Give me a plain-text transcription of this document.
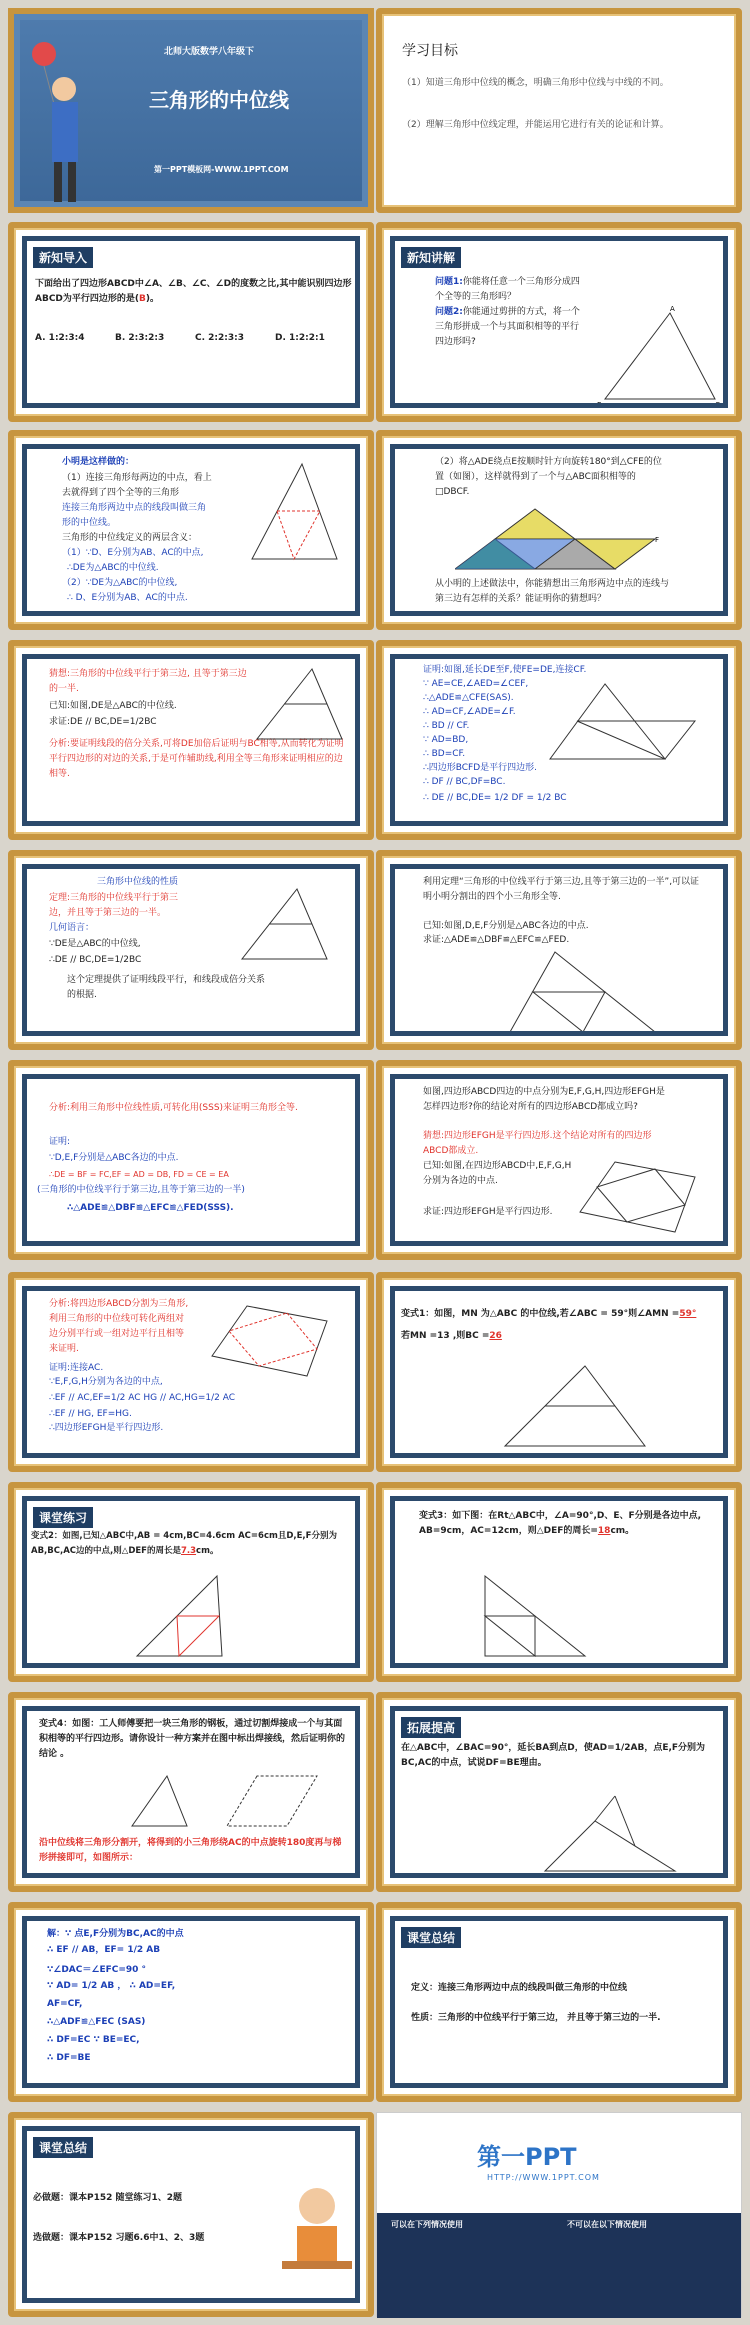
北师大版数学八年级下
三角形的中位线
第一PPT模板网-WWW.1PPT.COM
学习目标
（1）知道三角形中位线的概念，明确三角形中位线与中线的不同。
（2）理解三角形中位线定理，并能运用它进行有关的论证和计算。
新知导入
下面给出了四边形ABCD中∠A、∠B、∠C、∠D的度数之比,其中能识别四边形ABCD为平行四边形的是(B)。
A. 1:2:3:4	B. 2:3:2:3	C. 2:2:3:3	D. 1:2:2:1
新知讲解
问题1:你能将任意一个三角形分成四个全等的三角形吗？
问题2:你能通过剪拼的方式，将一个三角形拼成一个与其面积相等的平行四边形吗?
A
B	C
小明是这样做的：
（1）连接三角形每两边的中点，看上去就得到了四个全等的三角形
连接三角形两边中点的线段叫做三角形的中位线。
三角形的中位线定义的两层含义：
（1）∵D、E分别为AB、AC的中点,
∴DE为△ABC的中位线.
（2）∵DE为△ABC的中位线,
∴ D、E分别为AB、AC的中点.
（2）将△ADE绕点E按顺时针方向旋转180°到△CFE的位置（如图），这样就得到了一个与△ABC面积相等的□DBCF.
F
从小明的上述做法中，你能猜想出三角形两边中点的连线与第三边有怎样的关系？能证明你的猜想吗？
猜想:三角形的中位线平行于第三边, 且等于第三边的一半.
已知:如图,DE是△ABC的中位线.
求证:DE // BC,DE=1/2BC
分析:要证明线段的倍分关系,可将DE加倍后证明与BC相等,从而转化为证明平行四边形的对边的关系,于是可作辅助线,利用全等三角形来证明相应的边相等.
证明:如图,延长DE至F,使FE=DE,连接CF.
∵ AE=CE,∠AED=∠CEF,
∴△ADE≌△CFE(SAS).
∴ AD=CF,∠ADE=∠F.
∴ BD // CF.
∵ AD=BD,
∴ BD=CF.
∴四边形BCFD是平行四边形.
∴ DF // BC,DF=BC.
∴ DE // BC,DE= 1/2 DF = 1/2 BC
三角形中位线的性质
定理:三角形的中位线平行于第三边，并且等于第三边的一半。
几何语言：
∵DE是△ABC的中位线,
∴DE // BC,DE=1/2BC
这个定理提供了证明线段平行，和线段成倍分关系的根据.
利用定理“三角形的中位线平行于第三边,且等于第三边的一半”,可以证明小明分割出的四个小三角形全等.
已知:如图,D,E,F分别是△ABC各边的中点.
求证:△ADE≌△DBF≌△EFC≌△FED.
分析:利用三角形中位线性质,可转化用(SSS)来证明三角形全等.
证明:
∵D,E,F分别是△ABC各边的中点.
∴DE = BF = FC,EF = AD = DB, FD = CE = EA
(三角形的中位线平行于第三边,且等于第三边的一半)
∴△ADE≌△DBF≌△EFC≌△FED(SSS).
如图,四边形ABCD四边的中点分别为E,F,G,H,四边形EFGH是怎样四边形?你的结论对所有的四边形ABCD都成立吗?
猜想:四边形EFGH是平行四边形.这个结论对所有的四边形ABCD都成立.
已知:如图,在四边形ABCD中,E,F,G,H分别为各边的中点.
求证:四边形EFGH是平行四边形.
分析:将四边形ABCD分割为三角形,利用三角形的中位线可转化两组对边分别平行或一组对边平行且相等来证明.
证明:连接AC.
∵E,F,G,H分别为各边的中点,
∴EF // AC,EF=1/2 AC HG // AC,HG=1/2 AC
∴EF // HG, EF=HG.
∴四边形EFGH是平行四边形.
变式1：如图，MN 为△ABC 的中位线,若∠ABC = 59°则∠AMN =59°
若MN =13 ,则BC =26
课堂练习
变式2：如图,已知△ABC中,AB = 4cm,BC=4.6cm AC=6cm且D,E,F分别为 AB,BC,AC边的中点,则△DEF的周长是7.3cm。
变式3：如下图：在Rt△ABC中，∠A=90°,D、E、F分别是各边中点, AB=9cm，AC=12cm，则△DEF的周长=18cm。
变式4：如图：工人师傅要把一块三角形的钢板，通过切割焊接成一个与其面积相等的平行四边形。请你设计一种方案并在图中标出焊接线，然后证明你的结论 。
沿中位线将三角形分割开，将得到的小三角形绕AC的中点旋转180度再与梯形拼接即可，如图所示：
拓展提高
在△ABC中，∠BAC=90°，延长BA到点D，使AD=1/2AB，点E,F分别为BC,AC的中点，试说DF=BE理由。
解：∵ 点E,F分别为BC,AC的中点
∴ EF // AB，EF= 1/2 AB
∵∠DAC＝∠EFC=90 °
∵ AD= 1/2 AB ， ∴ AD=EF,
AF=CF,
∴△ADF≌△FEC (SAS)
∴ DF=EC ∵ BE=EC,
∴ DF=BE
课堂总结
定义：连接三角形两边中点的线段叫做三角形的中位线
性质：三角形的中位线平行于第三边， 并且等于第三边的一半.
课堂总结
必做题：课本P152 随堂练习1、2题
选做题：课本P152 习题6.6中1、2、3题
第一PPT
HTTP://WWW.1PPT.COM
可以在下列情况使用	不可以在以下情况使用
